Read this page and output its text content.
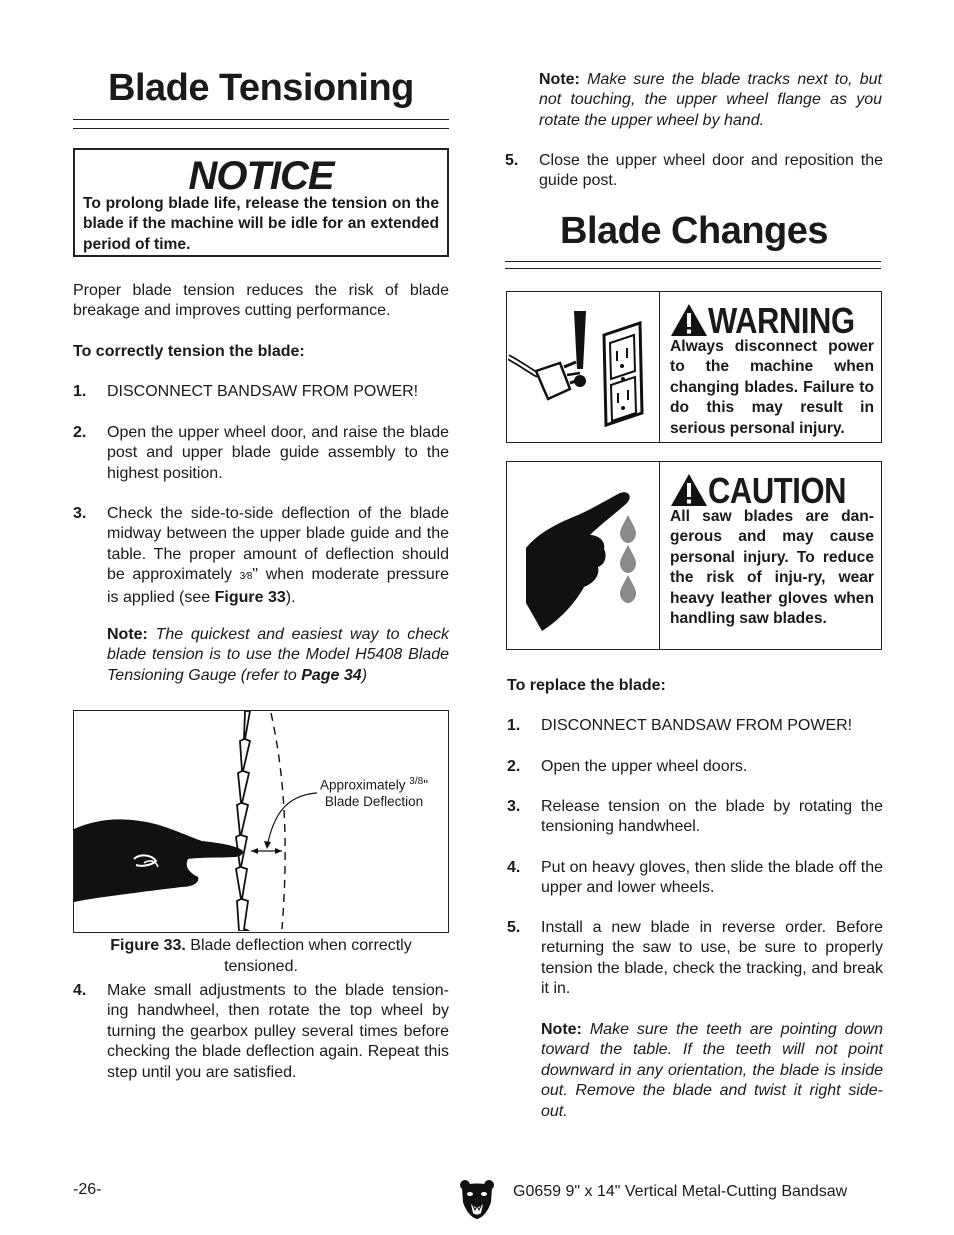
Blade Tensioning
NOTICE
To prolong blade life, release the tension on the blade if the machine will be idle for an extended period of time.

Proper blade tension reduces the risk of blade breakage and improves cutting performance.

To correctly tension the blade:

1. DISCONNECT BANDSAW FROM POWER!
2. Open the upper wheel door, and raise the blade post and upper blade guide assembly to the highest position.
3. Check the side-to-side deflection of the blade midway between the upper blade guide and the table. The proper amount of deflection should be approximately 3⁄8" when moderate pressure is applied (see Figure 33).
Note: The quickest and easiest way to check blade tension is to use the Model H5408 Blade Tensioning Gauge (refer to Page 34)
Approximately $^{3/8}$"
Blade Deflection
Figure 33. Blade deflection when correctly tensioned.
4. Make small adjustments to the blade tension-ing handwheel, then rotate the top wheel by turning the gearbox pulley several times before checking the blade deflection again. Repeat this step until you are satisfied.
Note: Make sure the blade tracks next to, but not touching, the upper wheel flange as you rotate the upper wheel by hand.
5. Close the upper wheel door and reposition the guide post.
Blade Changes
WARNING
Always disconnect power to the machine when changing blades. Failure to do this may result in serious personal injury.
CAUTION
All saw blades are dan-gerous and may cause personal injury. To reduce the risk of inju-ry, wear heavy leather gloves when handling saw blades.

To replace the blade:

1. DISCONNECT BANDSAW FROM POWER!
2. Open the upper wheel doors.
3. Release tension on the blade by rotating the tensioning handwheel.
4. Put on heavy gloves, then slide the blade off the upper and lower wheels.
5. Install a new blade in reverse order. Before returning the saw to use, be sure to properly tension the blade, check the tracking, and break it in.
Note: Make sure the teeth are pointing down toward the table. If the teeth will not point downward in any orientation, the blade is inside out. Remove the blade and twist it right side-out.
-26-	G0659 9" x 14" Vertical Metal-Cutting Bandsaw
